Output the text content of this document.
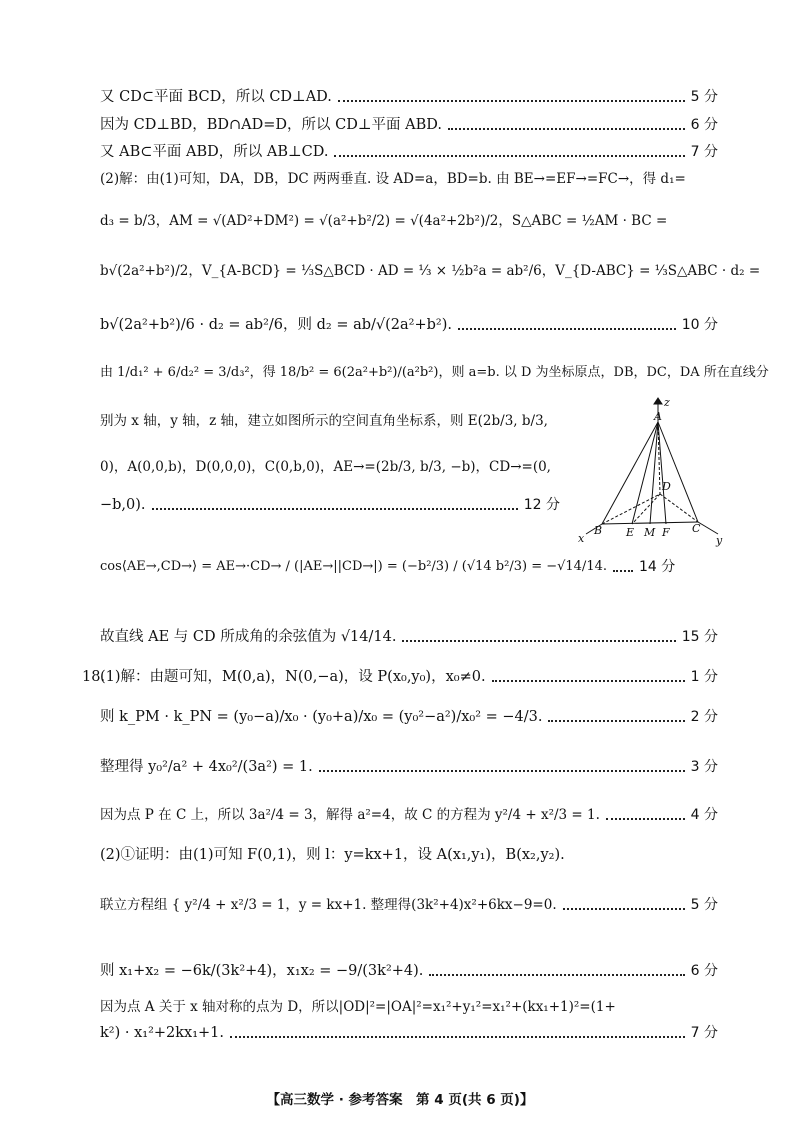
又 CD⊂平面 BCD，所以 CD⊥AD.	5 分
因为 CD⊥BD，BD∩AD=D，所以 CD⊥平面 ABD.	6 分
又 AB⊂平面 ABD，所以 AB⊥CD.	7 分
(2)解：由(1)可知，DA，DB，DC 两两垂直. 设 AD=a，BD=b. 由 BE→=EF→=FC→，得 d₁=
d₃ = b/3，AM = √(AD²+DM²) = √(a²+b²/2) = √(4a²+2b²)/2，S△ABC = ½AM · BC =
b√(2a²+b²)/2，V_{A-BCD} = ⅓S△BCD · AD = ⅓ × ½b²a = ab²/6，V_{D-ABC} = ⅓S△ABC · d₂ =
b√(2a²+b²)/6 · d₂ = ab²/6，则 d₂ = ab/√(2a²+b²).	10 分
由 1/d₁² + 6/d₂² = 3/d₃²，得 18/b² = 6(2a²+b²)/(a²b²)，则 a=b. 以 D 为坐标原点，DB，DC，DA 所在直线分
别为 x 轴，y 轴，z 轴，建立如图所示的空间直角坐标系，则 E(2b/3, b/3,
0)，A(0,0,b)，D(0,0,0)，C(0,b,0)，AE→=(2b/3, b/3, −b)，CD→=(0,
−b,0).	12 分
cos⟨AE→,CD→⟩ = AE→·CD→ / (|AE→||CD→|) = (−b²/3) / (√14 b²/3) = −√14/14. 14 分
故直线 AE 与 CD 所成角的余弦值为 √14/14.	15 分
18.
(1)解：由题可知，M(0,a)，N(0,−a)，设 P(x₀,y₀)，x₀≠0.	1 分
则 k_PM · k_PN = (y₀−a)/x₀ · (y₀+a)/x₀ = (y₀²−a²)/x₀² = −4/3.	2 分
整理得 y₀²/a² + 4x₀²/(3a²) = 1.	3 分
因为点 P 在 C 上，所以 3a²/4 = 3，解得 a²=4，故 C 的方程为 y²/4 + x²/3 = 1.	4 分
(2)①证明：由(1)可知 F(0,1)，则 l：y=kx+1，设 A(x₁,y₁)，B(x₂,y₂).
联立方程组 { y²/4 + x²/3 = 1，y = kx+1. 整理得(3k²+4)x²+6kx−9=0.	5 分
则 x₁+x₂ = −6k/(3k²+4)，x₁x₂ = −9/(3k²+4).	6 分
因为点 A 关于 x 轴对称的点为 D，所以|OD|²=|OA|²=x₁²+y₁²=x₁²+(kx₁+1)²=(1+
k²) · x₁²+2kx₁+1.	7 分
z
A
D
B E M F C
x	y
【高三数学 · 参考答案　第 4 页(共 6 页)】
